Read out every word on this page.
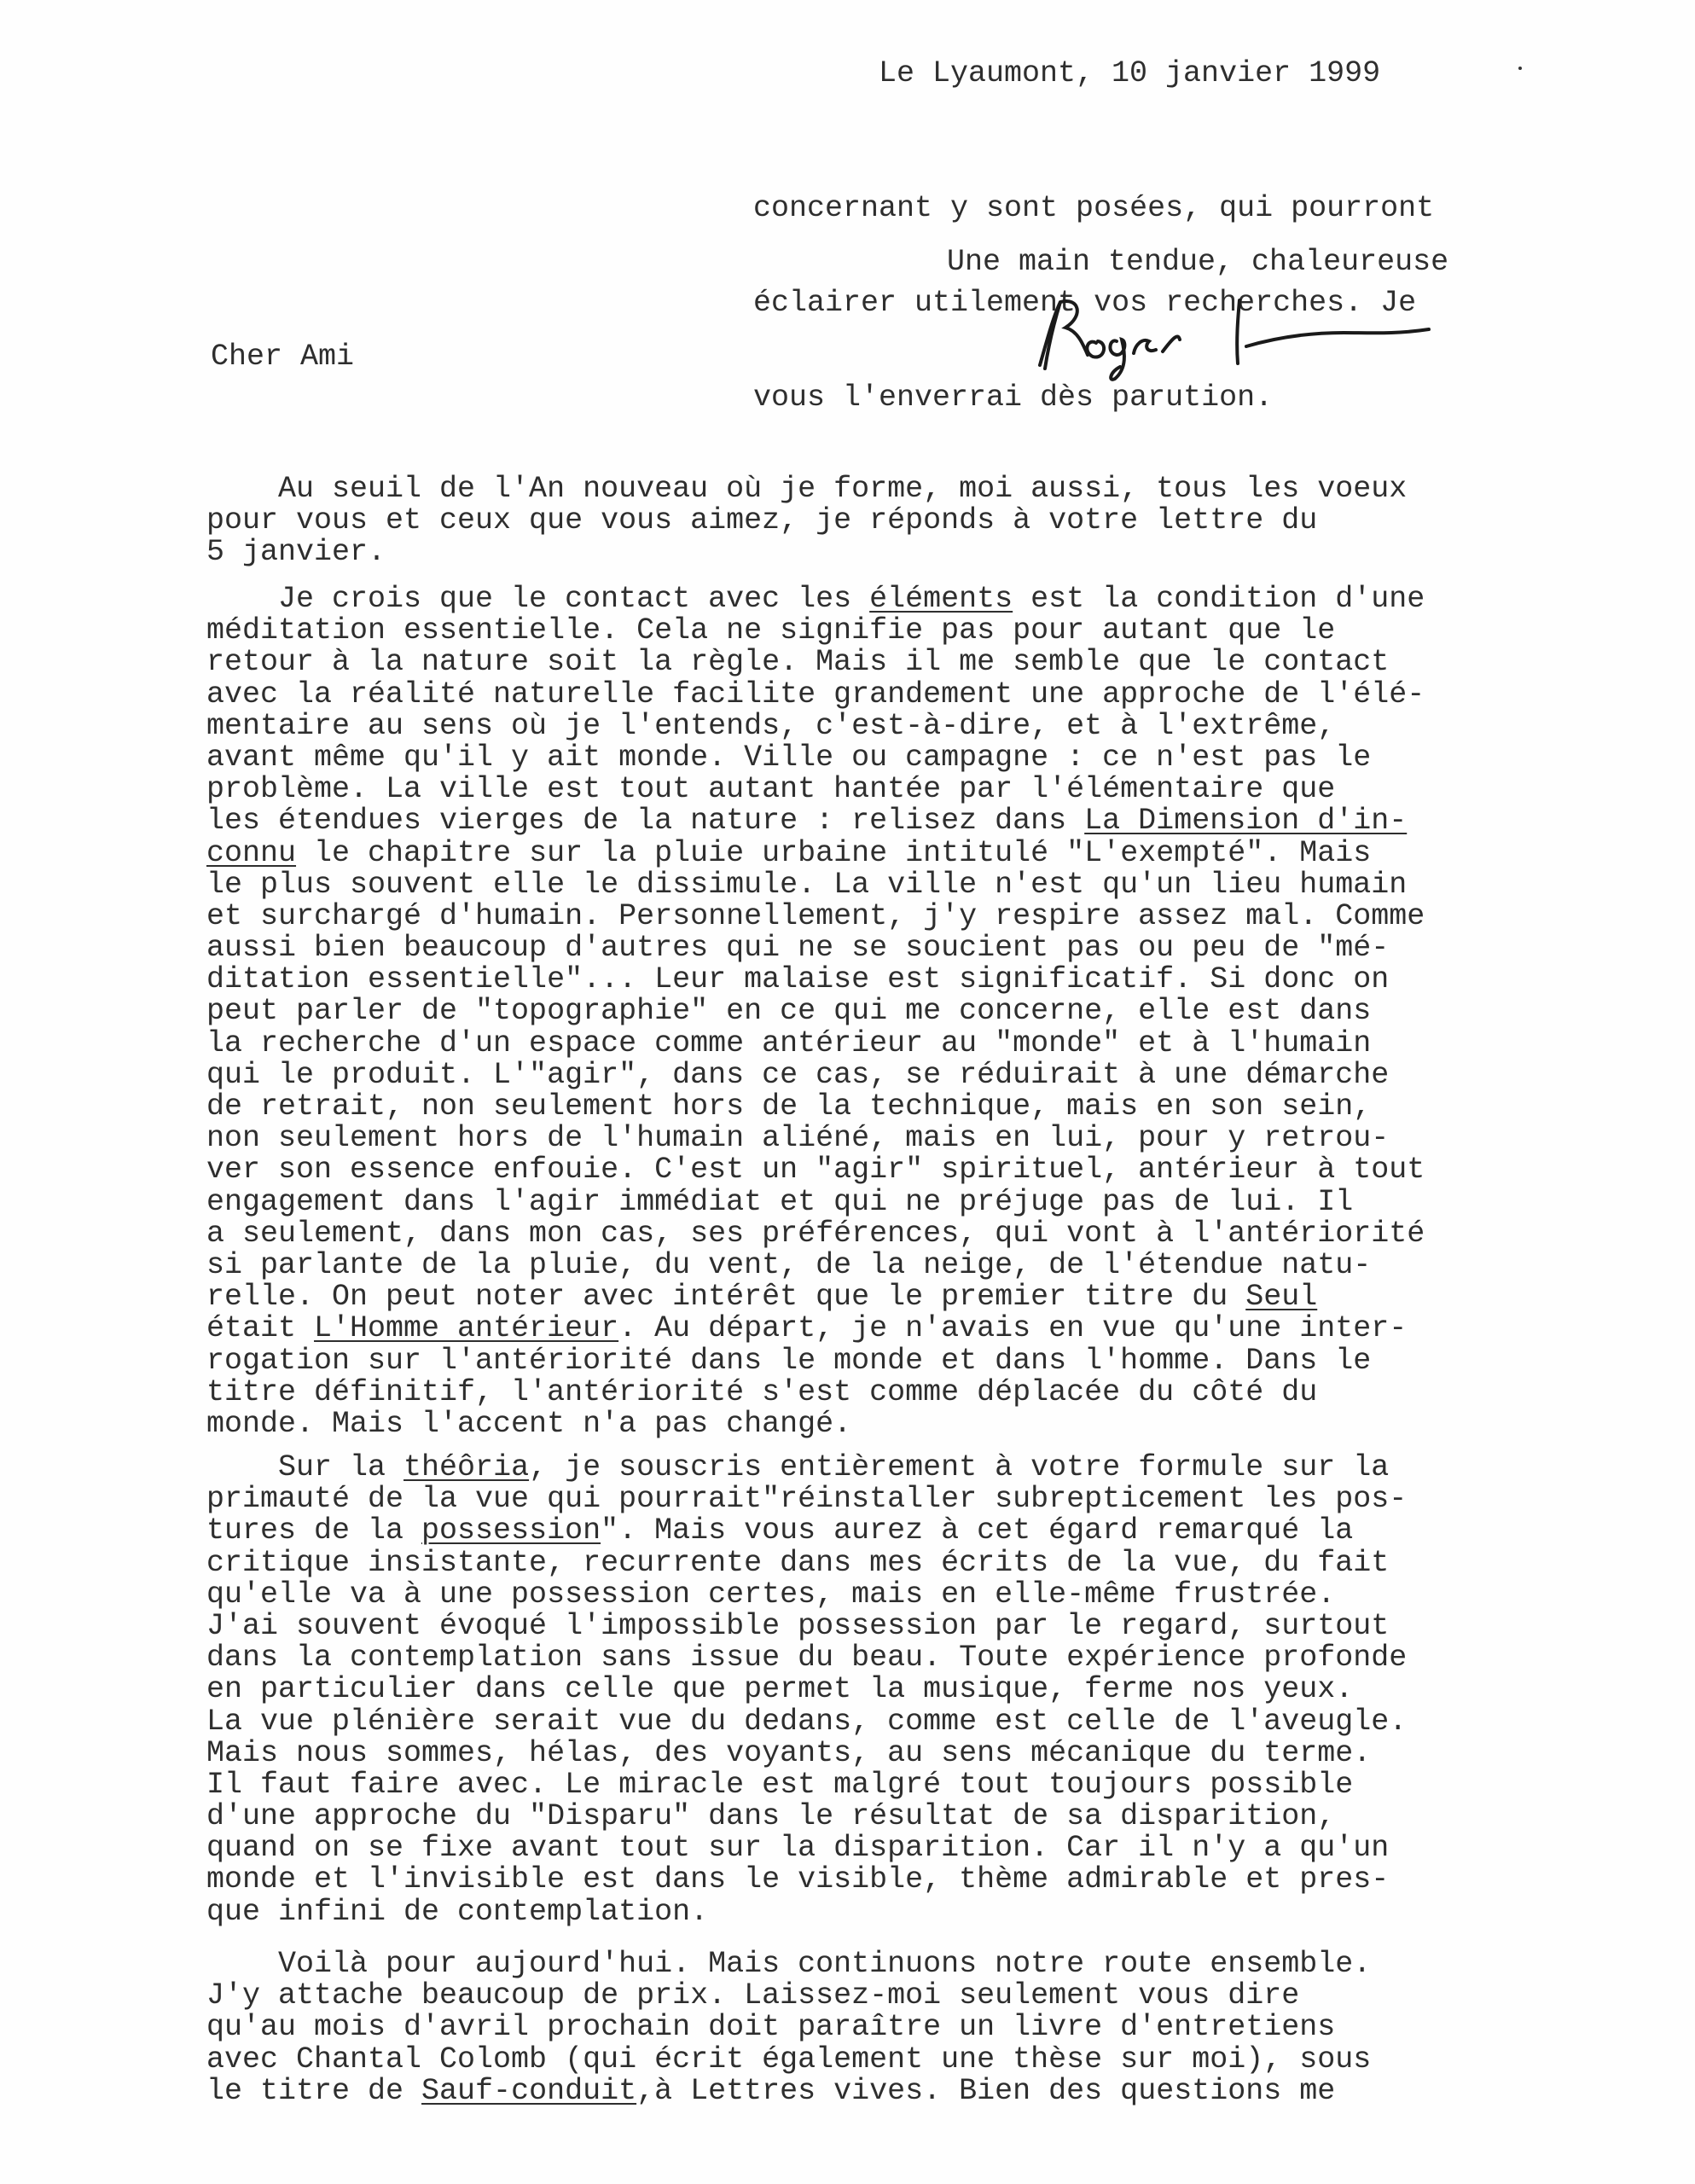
Le Lyaumont, 10 janvier 1999

concernant y sont posées, qui pourront

éclairer utilement vos recherches. Je

vous l'enverrai dès parution.

Une main tendue, chaleureuse
Cher Ami
Au seuil de l'An nouveau où je forme, moi aussi, tous les voeux
pour vous et ceux que vous aimez, je réponds à votre lettre du
5 janvier.
Je crois que le contact avec les éléments est la condition d'une
méditation essentielle. Cela ne signifie pas pour autant que le
retour à la nature soit la règle. Mais il me semble que le contact
avec la réalité naturelle facilite grandement une approche de l'élé-
mentaire au sens où je l'entends, c'est-à-dire, et à l'extrême,
avant même qu'il y ait monde. Ville ou campagne : ce n'est pas le
problème. La ville est tout autant hantée par l'élémentaire que
les étendues vierges de la nature : relisez dans La Dimension d'in-
connu le chapitre sur la pluie urbaine intitulé "L'exempté". Mais
le plus souvent elle le dissimule. La ville n'est qu'un lieu humain
et surchargé d'humain. Personnellement, j'y respire assez mal. Comme
aussi bien beaucoup d'autres qui ne se soucient pas ou peu de "mé-
ditation essentielle"... Leur malaise est significatif. Si donc on
peut parler de "topographie" en ce qui me concerne, elle est dans
la recherche d'un espace comme antérieur au "monde" et à l'humain
qui le produit. L'"agir", dans ce cas, se réduirait à une démarche
de retrait, non seulement hors de la technique, mais en son sein,
non seulement hors de l'humain aliéné, mais en lui, pour y retrou-
ver son essence enfouie. C'est un "agir" spirituel, antérieur à tout
engagement dans l'agir immédiat et qui ne préjuge pas de lui. Il
a seulement, dans mon cas, ses préférences, qui vont à l'antériorité
si parlante de la pluie, du vent, de la neige, de l'étendue natu-
relle. On peut noter avec intérêt que le premier titre du Seul
était L'Homme antérieur. Au départ, je n'avais en vue qu'une inter-
rogation sur l'antériorité dans le monde et dans l'homme. Dans le
titre définitif, l'antériorité s'est comme déplacée du côté du
monde. Mais l'accent n'a pas changé.
Sur la théôria, je souscris entièrement à votre formule sur la
primauté de la vue qui pourrait"réinstaller subrepticement les pos-
tures de la possession". Mais vous aurez à cet égard remarqué la
critique insistante, recurrente dans mes écrits de la vue, du fait
qu'elle va à une possession certes, mais en elle-même frustrée.
J'ai souvent évoqué l'impossible possession par le regard, surtout
dans la contemplation sans issue du beau. Toute expérience profonde
en particulier dans celle que permet la musique, ferme nos yeux.
La vue plénière serait vue du dedans, comme est celle de l'aveugle.
Mais nous sommes, hélas, des voyants, au sens mécanique du terme.
Il faut faire avec. Le miracle est malgré tout toujours possible
d'une approche du "Disparu" dans le résultat de sa disparition,
quand on se fixe avant tout sur la disparition. Car il n'y a qu'un
monde et l'invisible est dans le visible, thème admirable et pres-
que infini de contemplation.
Voilà pour aujourd'hui. Mais continuons notre route ensemble.
J'y attache beaucoup de prix. Laissez-moi seulement vous dire
qu'au mois d'avril prochain doit paraître un livre d'entretiens
avec Chantal Colomb (qui écrit également une thèse sur moi), sous
le titre de Sauf-conduit,à Lettres vives. Bien des questions me
